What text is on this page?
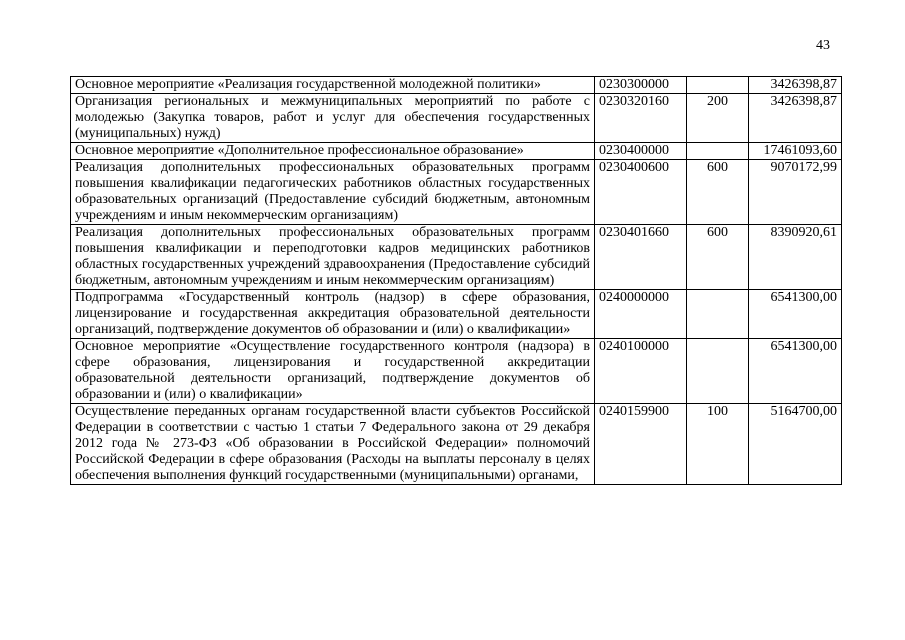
43
Основное мероприятие «Реализация государственной молодежной политики»	0230300000		3426398,87
Организация региональных и межмуниципальных мероприятий по работе с молодежью (Закупка товаров, работ и услуг для обеспечения государственных (муниципальных) нужд)	0230320160	200	3426398,87
Основное мероприятие «Дополнительное профессиональное образование»	0230400000		17461093,60
Реализация дополнительных профессиональных образовательных программ повышения квалификации педагогических работников областных государственных образовательных организаций (Предоставление субсидий бюджетным, автономным учреждениям и иным некоммерческим организациям)	0230400600	600	9070172,99
Реализация дополнительных профессиональных образовательных программ повышения квалификации и переподготовки кадров медицинских работников областных государственных учреждений здравоохранения (Предоставление субсидий бюджетным, автономным учреждениям и иным некоммерческим организациям)	0230401660	600	8390920,61
Подпрограмма «Государственный контроль (надзор) в сфере образования, лицензирование и государственная аккредитация образовательной деятельности организаций, подтверждение документов об образовании и (или) о квалификации»	0240000000		6541300,00
Основное мероприятие «Осуществление государственного контроля (надзора) в сфере образования, лицензирования и государственной аккредитации образовательной деятельности организаций, подтверждение документов об образовании и (или) о квалификации»	0240100000		6541300,00
Осуществление переданных органам государственной власти субъектов Российской Федерации в соответствии с частью 1 статьи 7 Федерального закона от 29 декабря 2012 года № 273-ФЗ «Об образовании в Российской Федерации» полномочий Российской Федерации в сфере образования (Расходы на выплаты персоналу в целях обеспечения выполнения функций государственными (муниципальными) органами,	0240159900	100	5164700,00
